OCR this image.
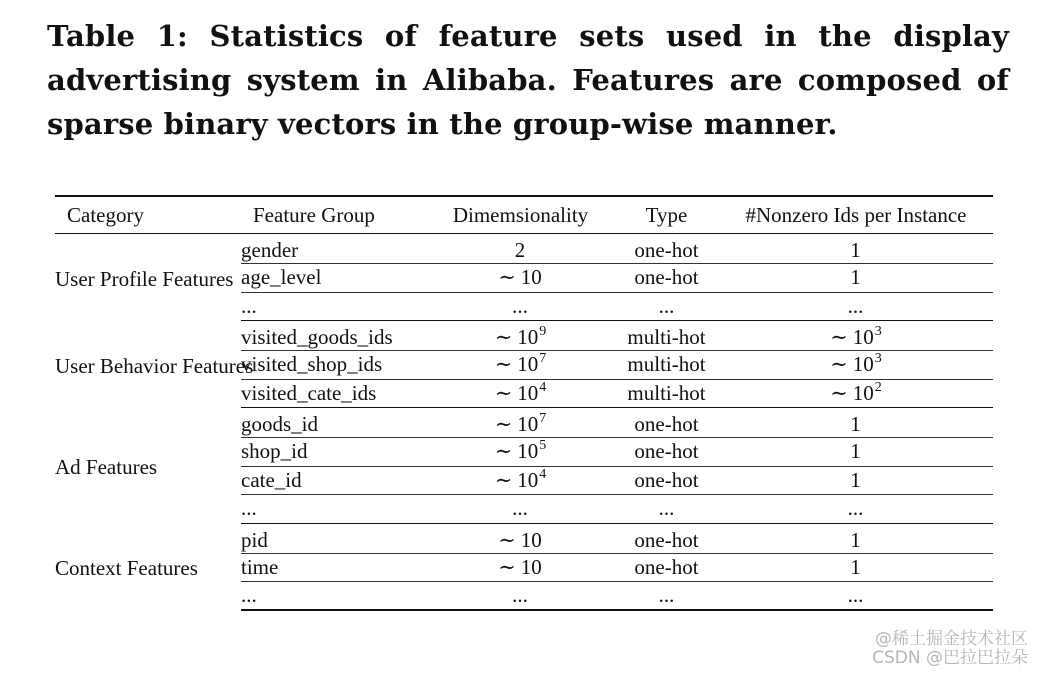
Table 1: Statistics of feature sets used in the display advertising system in Alibaba. Features are composed of sparse binary vectors in the group-wise manner.
Category	Feature Group	Dimemsionality	Type	#Nonzero Ids per Instance
User Profile Features	gender	2	one-hot	1
	age_level	∼ 10	one-hot	1
	...	...	...	...
User Behavior Features	visited_goods_ids	∼ $10^9$	multi-hot	∼ $10^3$
	visited_shop_ids	∼ $10^7$	multi-hot	∼ $10^3$
	visited_cate_ids	∼ $10^4$	multi-hot	∼ $10^2$
Ad Features	goods_id	∼ $10^7$	one-hot	1
	shop_id	∼ $10^5$	one-hot	1
	cate_id	∼ $10^4$	one-hot	1
	...	...	...	...
Context Features	pid	∼ 10	one-hot	1
	time	∼ 10	one-hot	1
	...	...	...	...
@稀土掘金技术社区
CSDN @巴拉巴拉朵
